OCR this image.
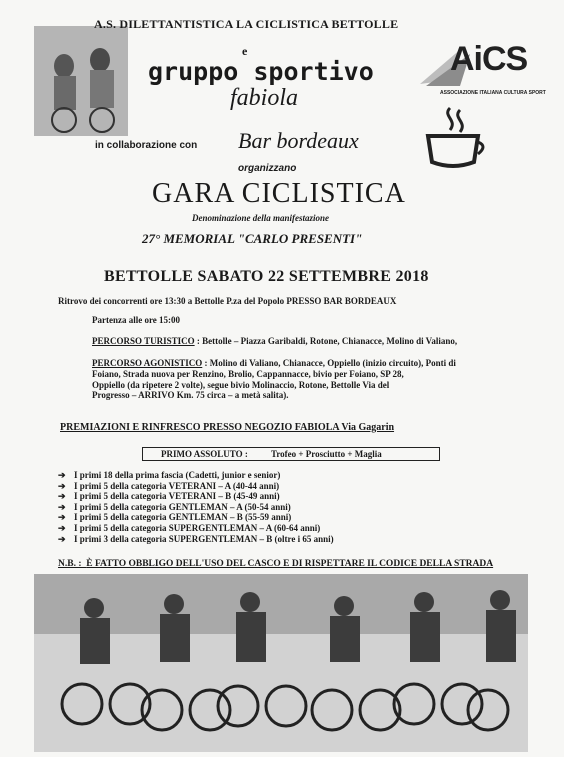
A.S. DILETTANTISTICA LA CICLISTICA BETTOLLE
e
gruppo sportivo
fabiola
in collaborazione con Bar bordeaux
organizzano
GARA CICLISTICA
Denominazione della manifestazione
27° MEMORIAL "CARLO PRESENTI"
AiCS
ASSOCIAZIONE ITALIANA CULTURA SPORT
BETTOLLE SABATO 22 SETTEMBRE 2018
Ritrovo dei concorrenti ore 13:30 a Bettolle P.za del Popolo PRESSO BAR BORDEAUX
Partenza alle ore 15:00
PERCORSO TURISTICO : Bettolle – Piazza Garibaldi, Rotone, Chianacce, Molino di Valiano,
PERCORSO AGONISTICO : Molino di Valiano, Chianacce, Oppiello (inizio circuito), Ponti di
Foiano, Strada nuova per Renzino, Brolio, Cappannacce, bivio per Foiano, SP 28,
Oppiello (da ripetere 2 volte), segue bivio Molinaccio, Rotone, Bettolle Via del
Progresso – ARRIVO Km. 75 circa – a metà salita).
PREMIAZIONI E RINFRESCO PRESSO NEGOZIO FABIOLA Via Gagarin
PRIMO ASSOLUTO :	Trofeo + Prosciutto + Maglia
➔ I primi 18 della prima fascia (Cadetti, junior e senior)
➔ I primi 5 della categoria VETERANI – A (40-44 anni)
➔ I primi 5 della categoria VETERANI – B (45-49 anni)
➔ I primi 5 della categoria GENTLEMAN – A (50-54 anni)
➔ I primi 5 della categoria GENTLEMAN – B (55-59 anni)
➔ I primi 5 della categoria SUPERGENTLEMAN – A (60-64 anni)
➔ I primi 3 della categoria SUPERGENTLEMAN – B (oltre i 65 anni)
N.B. : È FATTO OBBLIGO DELL'USO DEL CASCO E DI RISPETTARE IL CODICE DELLA STRADA
